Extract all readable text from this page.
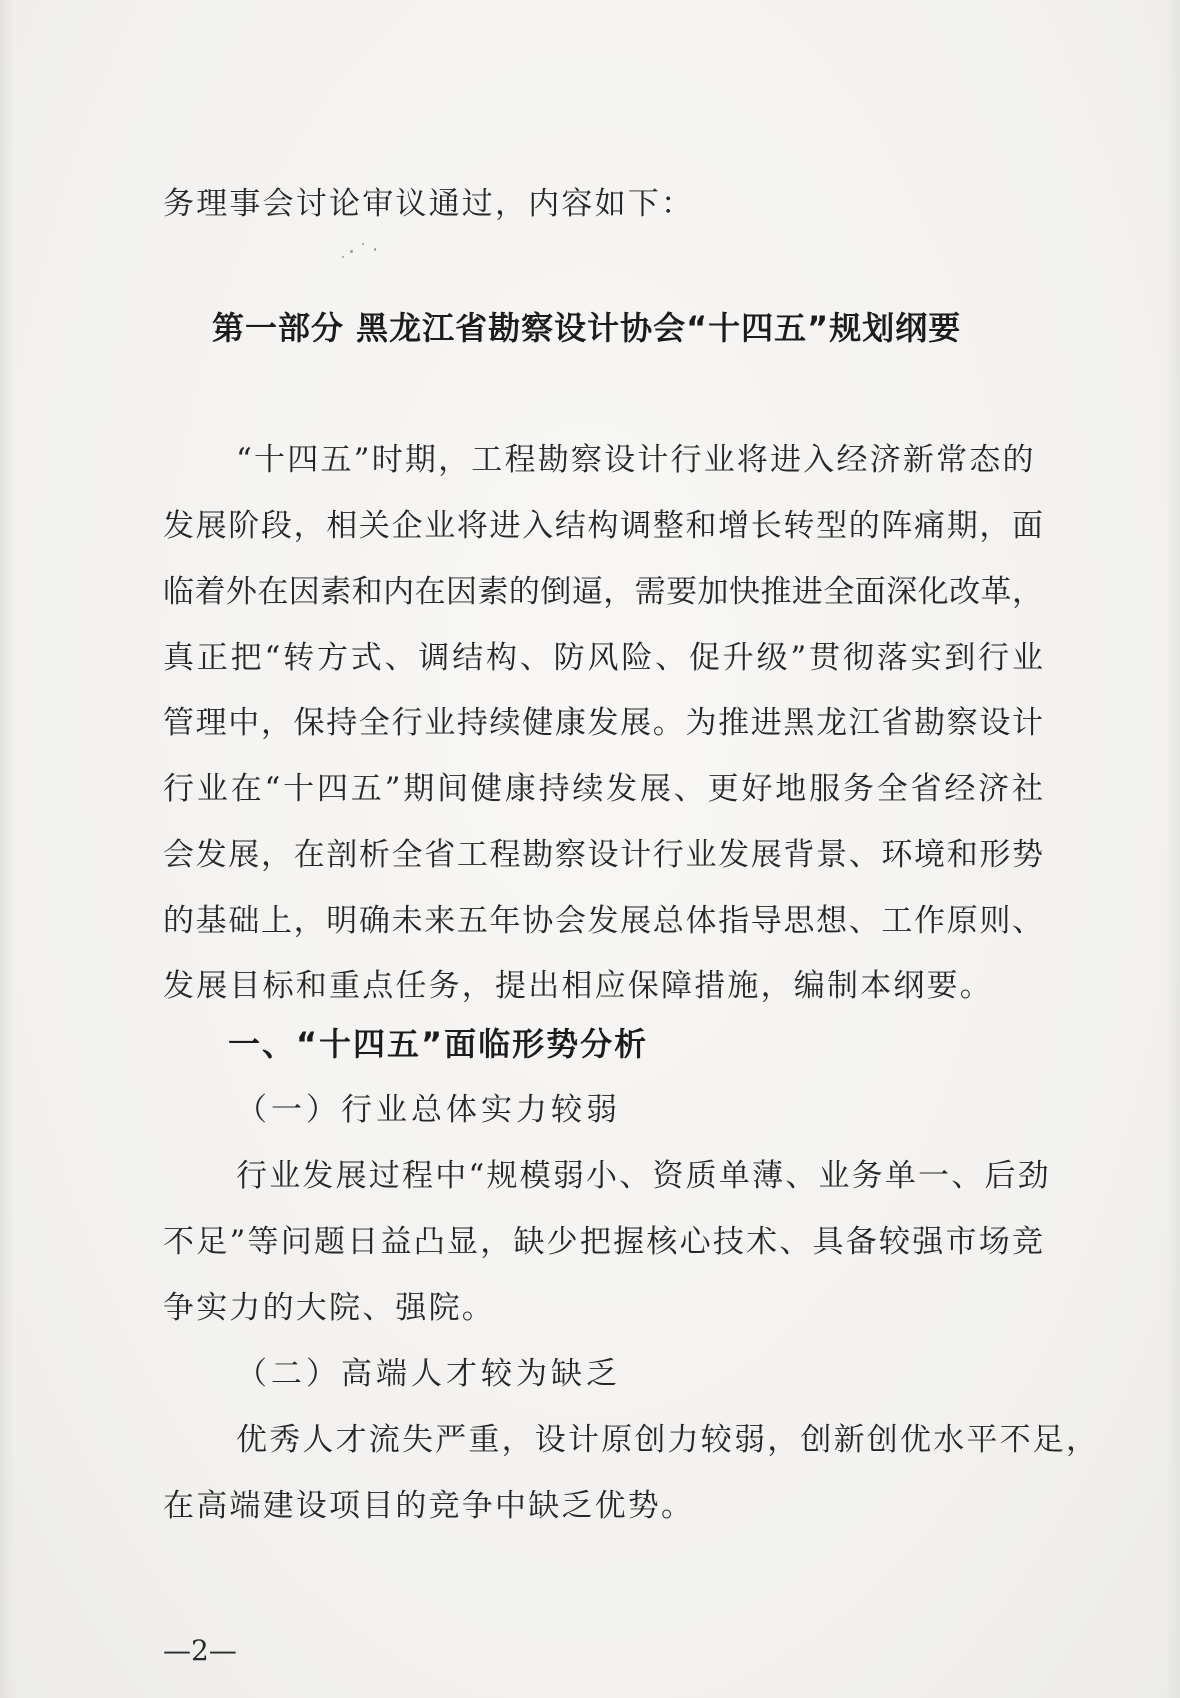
务理事会讨论审议通过，内容如下：
第一部分 黑龙江省勘察设计协会“十四五”规划纲要
“十四五”时期，工程勘察设计行业将进入经济新常态的
发展阶段，相关企业将进入结构调整和增长转型的阵痛期，面
临着外在因素和内在因素的倒逼，需要加快推进全面深化改革，
真正把“转方式、调结构、防风险、促升级”贯彻落实到行业
管理中，保持全行业持续健康发展。为推进黑龙江省勘察设计
行业在“十四五”期间健康持续发展、更好地服务全省经济社
会发展，在剖析全省工程勘察设计行业发展背景、环境和形势
的基础上，明确未来五年协会发展总体指导思想、工作原则、
发展目标和重点任务，提出相应保障措施，编制本纲要。
一、“十四五”面临形势分析
（一）行业总体实力较弱
行业发展过程中“规模弱小、资质单薄、业务单一、后劲
不足”等问题日益凸显，缺少把握核心技术、具备较强市场竞
争实力的大院、强院。
（二）高端人才较为缺乏
优秀人才流失严重，设计原创力较弱，创新创优水平不足，
在高端建设项目的竞争中缺乏优势。
—2—
